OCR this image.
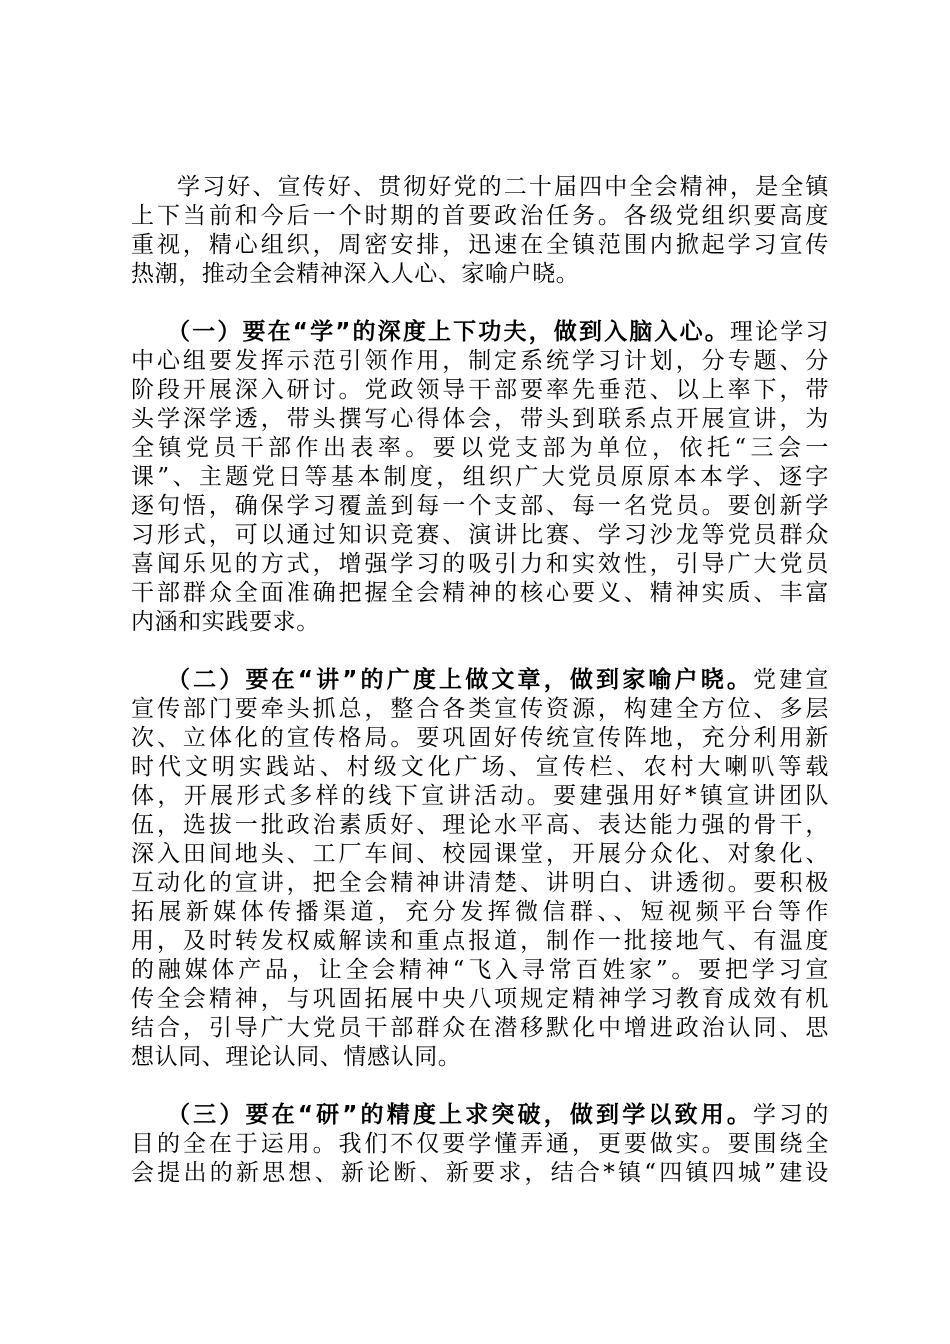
学习好、宣传好、贯彻好党的二十届四中全会精神，是全镇
上下当前和今后一个时期的首要政治任务。各级党组织要高度
重视，精心组织，周密安排，迅速在全镇范围内掀起学习宣传
热潮，推动全会精神深入人心、家喻户晓。
（一）要在“学”的深度上下功夫，做到入脑入心。理论学习
中心组要发挥示范引领作用，制定系统学习计划，分专题、分
阶段开展深入研讨。党政领导干部要率先垂范、以上率下，带
头学深学透，带头撰写心得体会，带头到联系点开展宣讲，为
全镇党员干部作出表率。要以党支部为单位，依托“三会一
课”、主题党日等基本制度，组织广大党员原原本本学、逐字
逐句悟，确保学习覆盖到每一个支部、每一名党员。要创新学
习形式，可以通过知识竞赛、演讲比赛、学习沙龙等党员群众
喜闻乐见的方式，增强学习的吸引力和实效性，引导广大党员
干部群众全面准确把握全会精神的核心要义、精神实质、丰富
内涵和实践要求。
（二）要在“讲”的广度上做文章，做到家喻户晓。党建宣
宣传部门要牵头抓总，整合各类宣传资源，构建全方位、多层
次、立体化的宣传格局。要巩固好传统宣传阵地，充分利用新
时代文明实践站、村级文化广场、宣传栏、农村大喇叭等载
体，开展形式多样的线下宣讲活动。要建强用好*镇宣讲团队
伍，选拔一批政治素质好、理论水平高、表达能力强的骨干，
深入田间地头、工厂车间、校园课堂，开展分众化、对象化、
互动化的宣讲，把全会精神讲清楚、讲明白、讲透彻。要积极
拓展新媒体传播渠道，充分发挥微信群、、短视频平台等作
用，及时转发权威解读和重点报道，制作一批接地气、有温度
的融媒体产品，让全会精神“飞入寻常百姓家”。要把学习宣
传全会精神，与巩固拓展中央八项规定精神学习教育成效有机
结合，引导广大党员干部群众在潜移默化中增进政治认同、思
想认同、理论认同、情感认同。
（三）要在“研”的精度上求突破，做到学以致用。学习的
目的全在于运用。我们不仅要学懂弄通，更要做实。要围绕全
会提出的新思想、新论断、新要求，结合*镇“四镇四城”建设
